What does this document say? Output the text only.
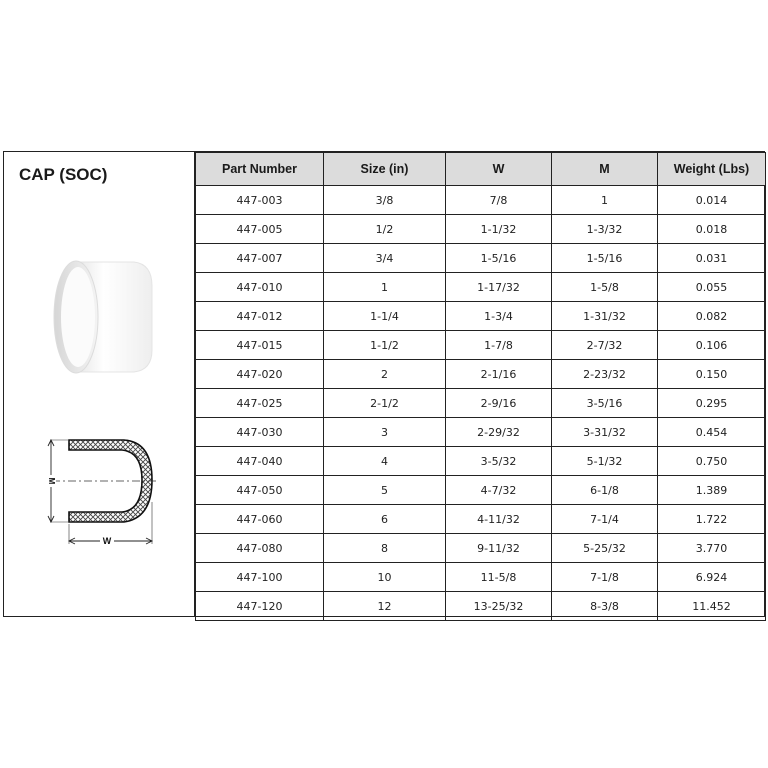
CAP (SOC)
W
M
Part Number	Size (in)	W	M	Weight (Lbs)
447-003	3/8	7/8	1	0.014
447-005	1/2	1-1/32	1-3/32	0.018
447-007	3/4	1-5/16	1-5/16	0.031
447-010	1	1-17/32	1-5/8	0.055
447-012	1-1/4	1-3/4	1-31/32	0.082
447-015	1-1/2	1-7/8	2-7/32	0.106
447-020	2	2-1/16	2-23/32	0.150
447-025	2-1/2	2-9/16	3-5/16	0.295
447-030	3	2-29/32	3-31/32	0.454
447-040	4	3-5/32	5-1/32	0.750
447-050	5	4-7/32	6-1/8	1.389
447-060	6	4-11/32	7-1/4	1.722
447-080	8	9-11/32	5-25/32	3.770
447-100	10	11-5/8	7-1/8	6.924
447-120	12	13-25/32	8-3/8	11.452
